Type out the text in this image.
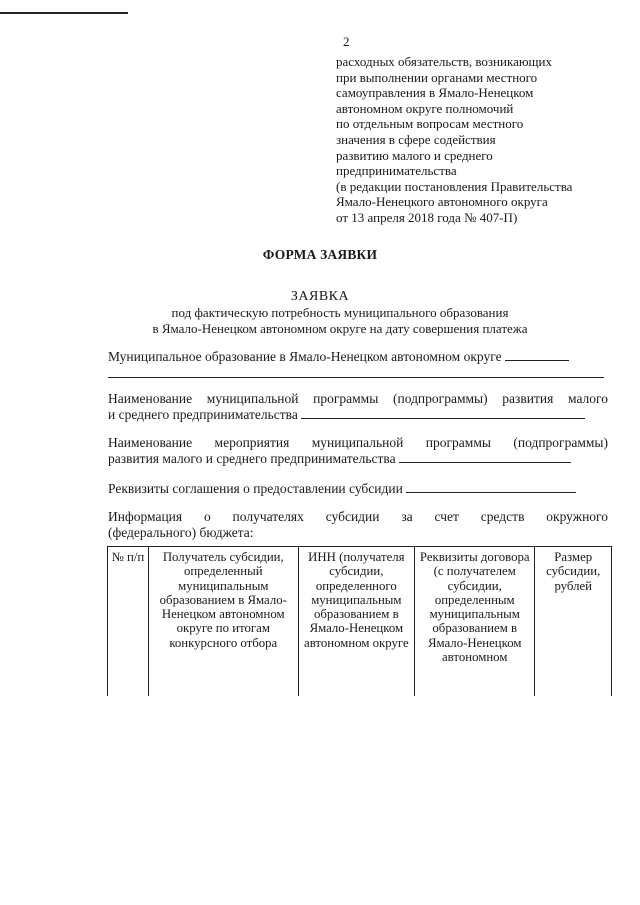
2
расходных обязательств, возникающих
при выполнении органами местного
самоуправления в Ямало-Ненецком
автономном округе полномочий
по отдельным вопросам местного
значения в сфере содействия
развитию малого и среднего
предпринимательства
(в редакции постановления Правительства
Ямало-Ненецкого автономного округа
от 13 апреля 2018 года № 407-П)
ФОРМА ЗАЯВКИ
ЗАЯВКА
под фактическую потребность муниципального образования
в Ямало-Ненецком автономном округе на дату совершения платежа
Муниципальное образование в Ямало-Ненецком автономном округе
Наименование муниципальной программы (подпрограммы) развития малого
и среднего предпринимательства
Наименование мероприятия муниципальной программы (подпрограммы)
развития малого и среднего предпринимательства
Реквизиты соглашения о предоставлении субсидии
Информация о получателях субсидии за счет средств окружного
(федерального) бюджета:
№ п/п	Получатель субсидии, определенный муниципальным образованием в Ямало-Ненецком автономном округе по итогам конкурсного отбора	ИНН (получателя субсидии, определенного муниципальным образованием в Ямало-Ненецком автономном округе	Реквизиты договора (с получателем субсидии, определенным муниципальным образованием в Ямало-Ненецком автономном	Размер субсидии, рублей
